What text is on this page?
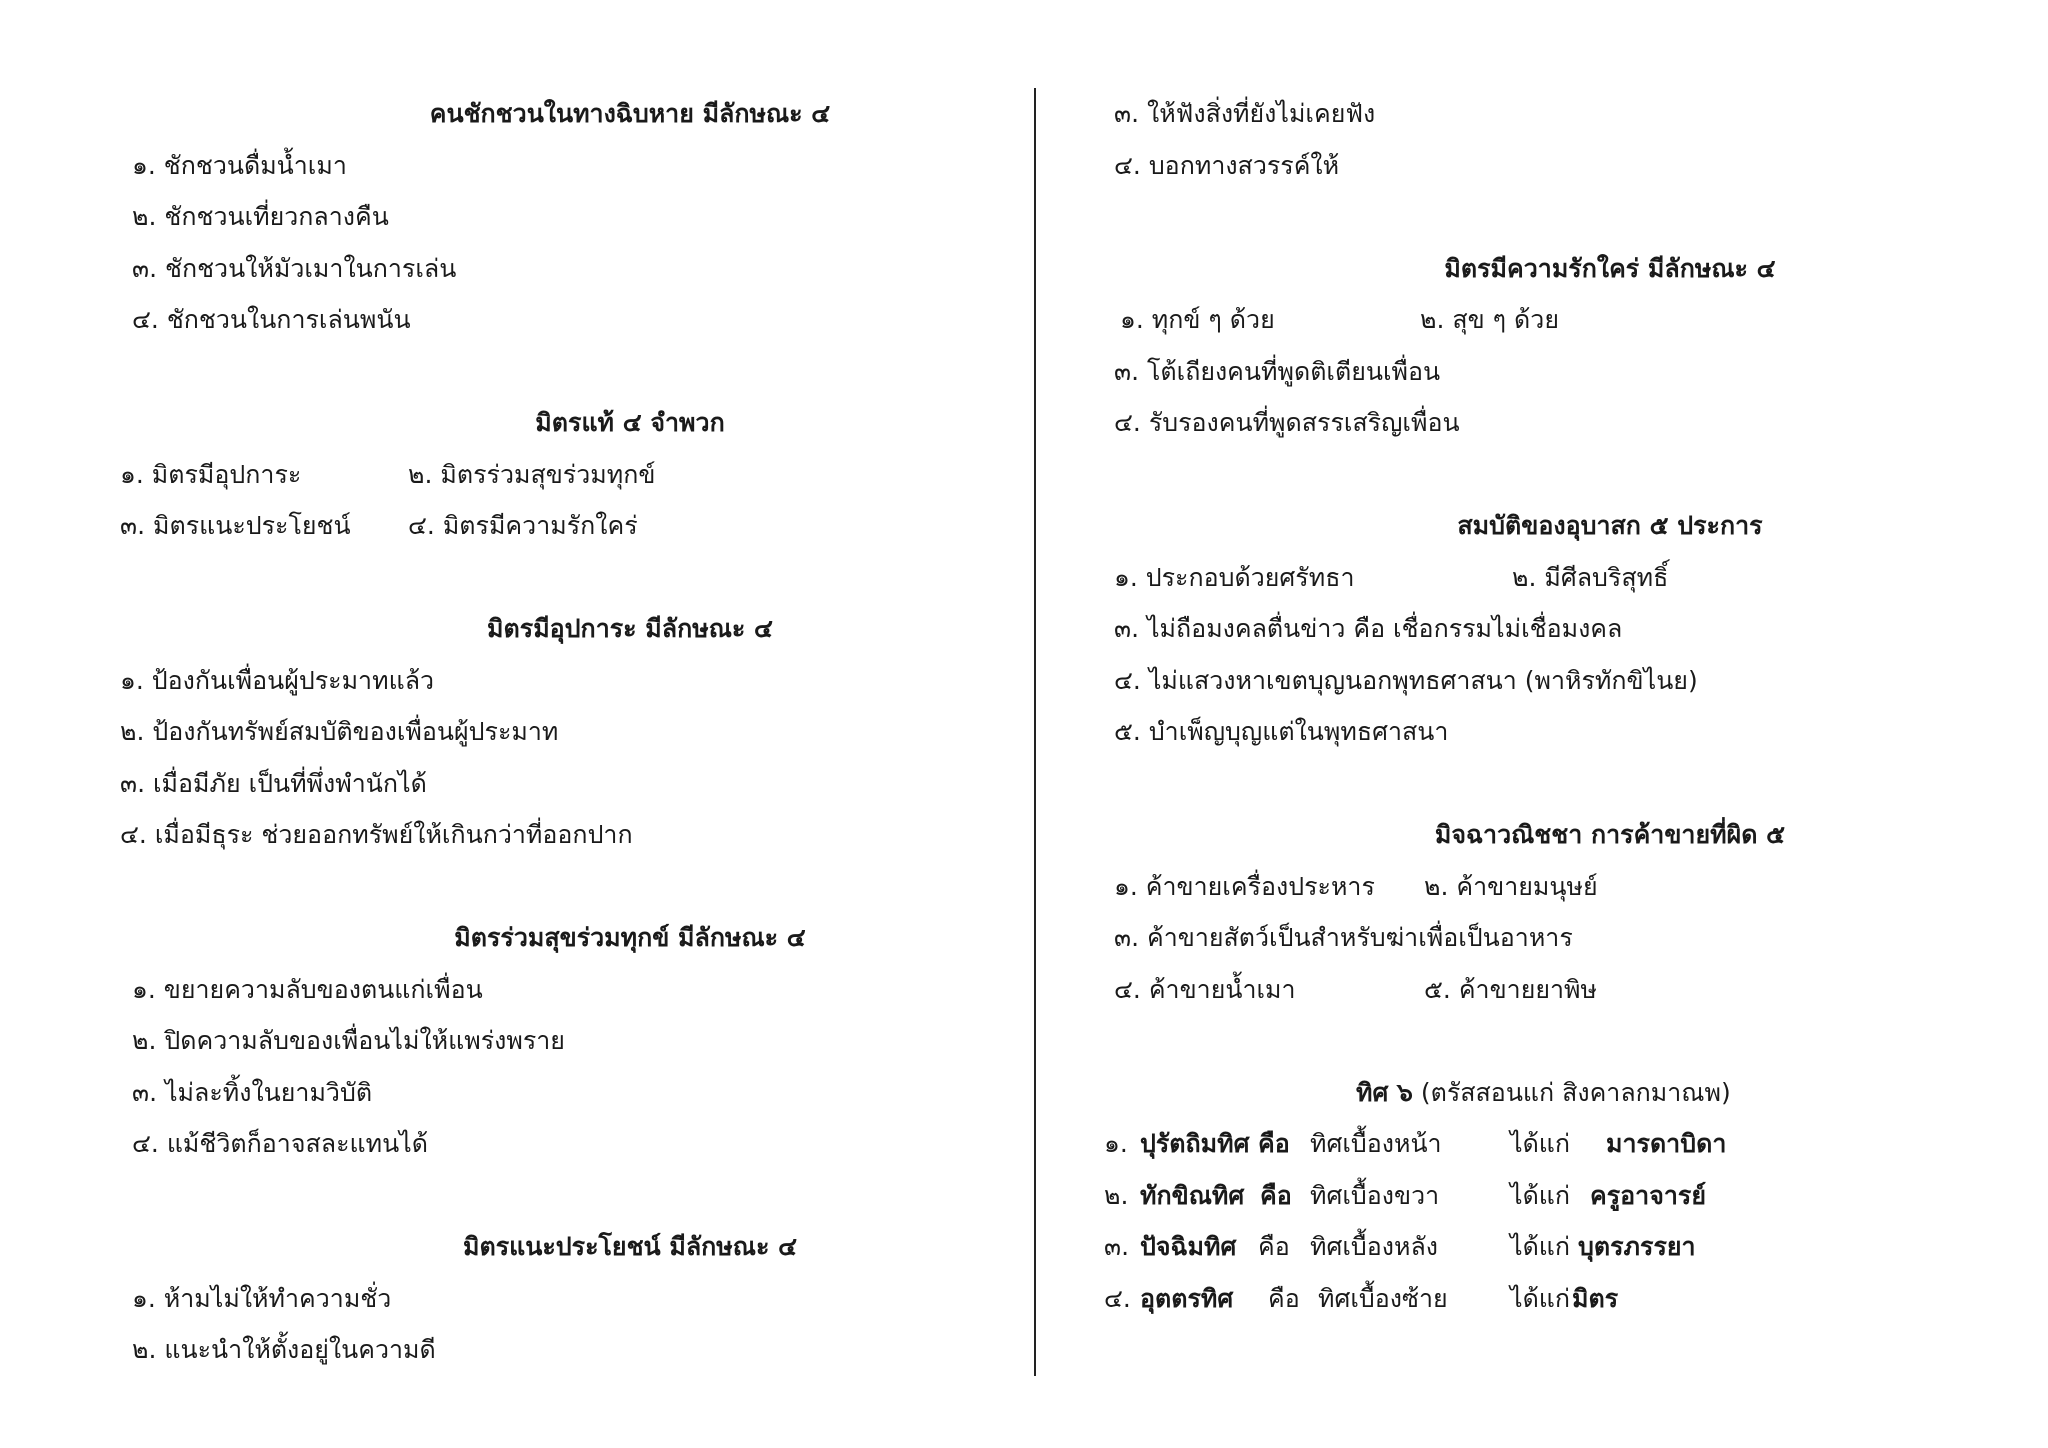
คนชักชวนในทางฉิบหาย มีลักษณะ ๔
๑. ชักชวนดื่มน้ำเมา
๒. ชักชวนเที่ยวกลางคืน
๓. ชักชวนให้มัวเมาในการเล่น
๔. ชักชวนในการเล่นพนัน
มิตรแท้ ๔ จำพวก
๑. มิตรมีอุปการะ	๒. มิตรร่วมสุขร่วมทุกข์
๓. มิตรแนะประโยชน์	๔. มิตรมีความรักใคร่
มิตรมีอุปการะ มีลักษณะ ๔
๑. ป้องกันเพื่อนผู้ประมาทแล้ว
๒. ป้องกันทรัพย์สมบัติของเพื่อนผู้ประมาท
๓. เมื่อมีภัย เป็นที่พึ่งพำนักได้
๔. เมื่อมีธุระ ช่วยออกทรัพย์ให้เกินกว่าที่ออกปาก
มิตรร่วมสุขร่วมทุกข์ มีลักษณะ ๔
๑. ขยายความลับของตนแก่เพื่อน
๒. ปิดความลับของเพื่อนไม่ให้แพร่งพราย
๓. ไม่ละทิ้งในยามวิบัติ
๔. แม้ชีวิตก็อาจสละแทนได้
มิตรแนะประโยชน์ มีลักษณะ ๔
๑. ห้ามไม่ให้ทำความชั่ว
๒. แนะนำให้ตั้งอยู่ในความดี
๓. ให้ฟังสิ่งที่ยังไม่เคยฟัง
๔. บอกทางสวรรค์ให้
มิตรมีความรักใคร่ มีลักษณะ ๔
๑. ทุกข์ ๆ ด้วย	๒. สุข ๆ ด้วย
๓. โต้เถียงคนที่พูดติเตียนเพื่อน
๔. รับรองคนที่พูดสรรเสริญเพื่อน
สมบัติของอุบาสก ๕ ประการ
๑. ประกอบด้วยศรัทธา	๒. มีศีลบริสุทธิ์
๓. ไม่ถือมงคลตื่นข่าว คือ เชื่อกรรมไม่เชื่อมงคล
๔. ไม่แสวงหาเขตบุญนอกพุทธศาสนา (พาหิรทักขิไนย)
๕. บำเพ็ญบุญแต่ในพุทธศาสนา
มิจฉาวณิชชา การค้าขายที่ผิด ๕
๑. ค้าขายเครื่องประหาร	๒. ค้าขายมนุษย์
๓. ค้าขายสัตว์เป็นสำหรับฆ่าเพื่อเป็นอาหาร
๔. ค้าขายน้ำเมา	๕. ค้าขายยาพิษ
ทิศ ๖ (ตรัสสอนแก่ สิงคาลกมาณพ)
๑. ปุรัตถิมทิศ คือ ทิศเบื้องหน้า	ได้แก่	มารดาบิดา
๒. ทักขิณทิศ คือ ทิศเบื้องขวา	ได้แก่ ครูอาจารย์
๓. ปัจฉิมทิศ คือ ทิศเบื้องหลัง	ได้แก่ บุตรภรรยา
๔. อุตตรทิศ	คือ ทิศเบื้องซ้าย	ได้แก่ มิตร
